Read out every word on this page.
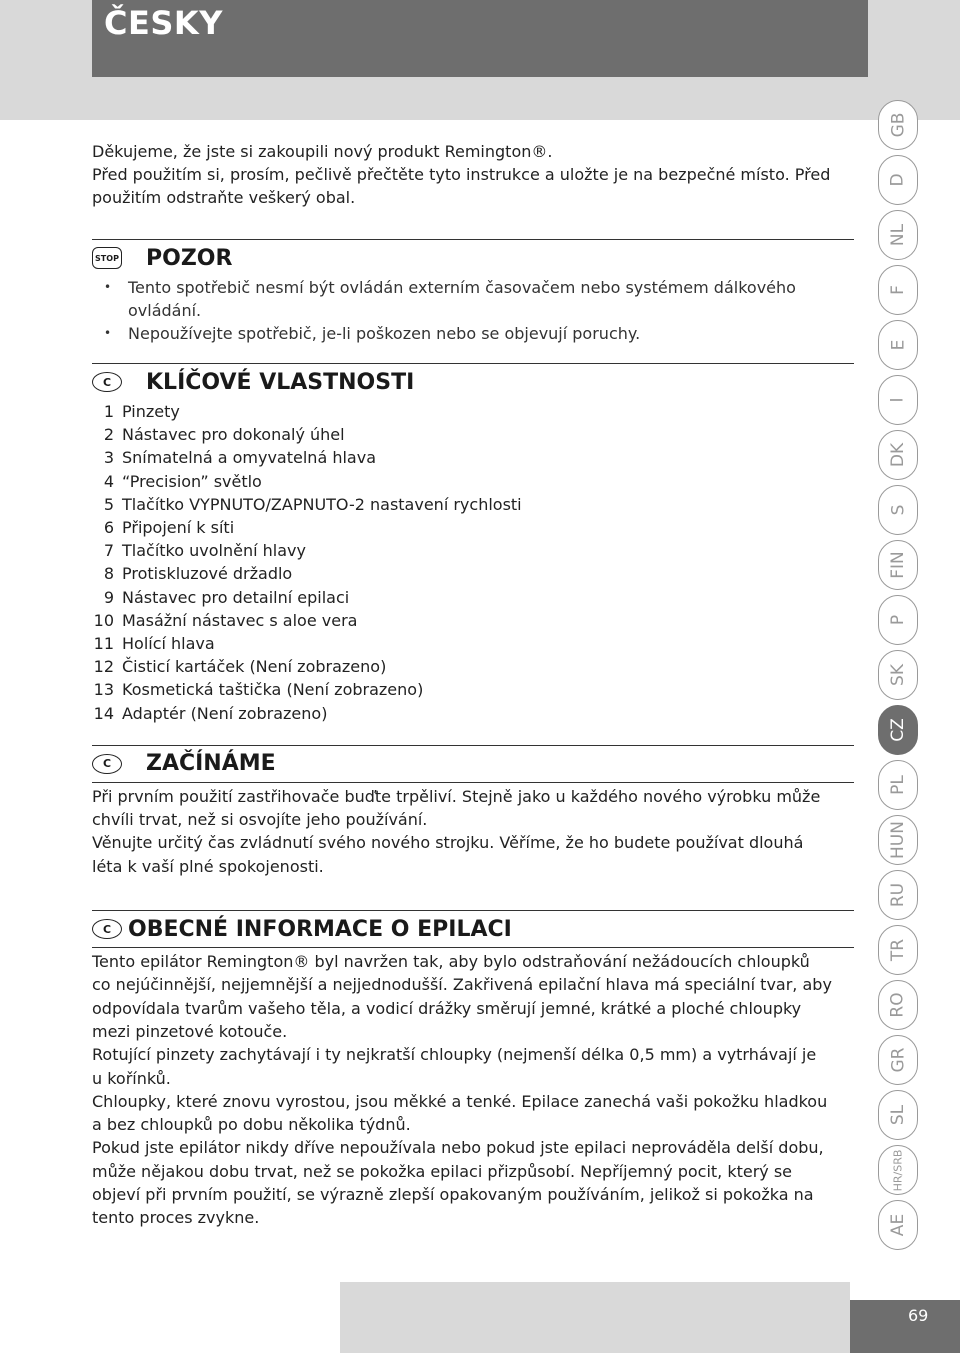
ČESKY
GB
D
NL
F
E
I
DK
S
FIN
P
SK
CZ
PL
HUN
RU
TR
RO
GR
SL
HR/SRB
AE

Děkujeme, že jste si zakoupili nový produkt Remington®.

Před použitím si, prosím, pečlivě přečtěte tyto instrukce a uložte je na bezpečné místo. Před

použitím odstraňte veškerý obal.

STOP POZOR
• Tento spotřebič nesmí být ovládán externím časovačem nebo systémem dálkového
ovládání.
• Nepoužívejte spotřebič, je-li poškozen nebo se objevují poruchy.
C	KLÍČOVÉ VLASTNOSTI
1 Pinzety
2 Nástavec pro dokonalý úhel
3 Snímatelná a omyvatelná hlava
4 “Precision” světlo
5 Tlačítko VYPNUTO/ZAPNUTO-2 nastavení rychlosti
6 Připojení k síti
7 Tlačítko uvolnění hlavy
8 Protiskluzové držadlo
9 Nástavec pro detailní epilaci
10 Masážní nástavec s aloe vera
11 Holící hlava
12 Čisticí kartáček (Není zobrazeno)
13 Kosmetická taštička (Není zobrazeno)
14 Adaptér (Není zobrazeno)
C	ZAČÍNÁME

Při prvním použití zastřihovače buďte trpěliví. Stejně jako u každého nového výrobku může

chvíli trvat, než si osvojíte jeho používání.

Věnujte určitý čas zvládnutí svého nového strojku. Věříme, že ho budete používat dlouhá

léta k vaší plné spokojenosti.

C OBECNÉ INFORMACE O EPILACI

Tento epilátor Remington® byl navržen tak, aby bylo odstraňování nežádoucích chloupků

co nejúčinnější, nejjemnější a nejjednodušší. Zakřivená epilační hlava má speciální tvar, aby

odpovídala tvarům vašeho těla, a vodicí drážky směrují jemné, krátké a ploché chloupky

mezi pinzetové kotouče.

Rotující pinzety zachytávají i ty nejkratší chloupky (nejmenší délka 0,5 mm) a vytrhávají je

u kořínků.

Chloupky, které znovu vyrostou, jsou měkké a tenké. Epilace zanechá vaši pokožku hladkou

a bez chloupků po dobu několika týdnů.

Pokud jste epilátor nikdy dříve nepoužívala nebo pokud jste epilaci neprováděla delší dobu,

může nějakou dobu trvat, než se pokožka epilaci přizpůsobí. Nepříjemný pocit, který se

objeví při prvním použití, se výrazně zlepší opakovaným používáním, jelikož si pokožka na

tento proces zvykne.

69
